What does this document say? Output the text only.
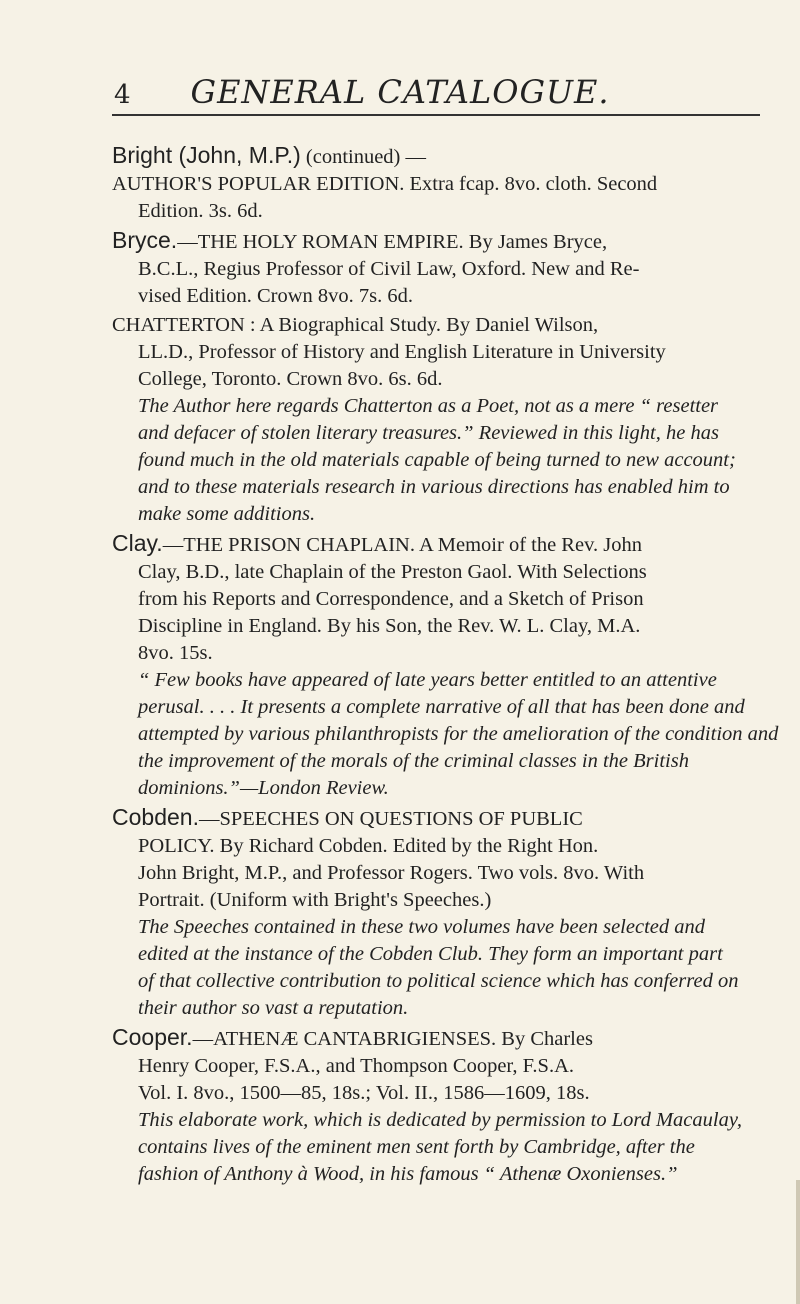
4	GENERAL CATALOGUE.
Bright (John, M.P.) (continued) —
AUTHOR'S POPULAR EDITION. Extra fcap. 8vo. cloth. Second
Edition. 3s. 6d.
Bryce.—THE HOLY ROMAN EMPIRE. By James Bryce,
B.C.L., Regius Professor of Civil Law, Oxford. New and Re-
vised Edition. Crown 8vo. 7s. 6d.
CHATTERTON : A Biographical Study. By Daniel Wilson,
LL.D., Professor of History and English Literature in University
College, Toronto. Crown 8vo. 6s. 6d.
The Author here regards Chatterton as a Poet, not as a mere “ resetter
and defacer of stolen literary treasures.” Reviewed in this light, he has
found much in the old materials capable of being turned to new account;
and to these materials research in various directions has enabled him to
make some additions.
Clay.—THE PRISON CHAPLAIN. A Memoir of the Rev. John
Clay, B.D., late Chaplain of the Preston Gaol. With Selections
from his Reports and Correspondence, and a Sketch of Prison
Discipline in England. By his Son, the Rev. W. L. Clay, M.A.
8vo. 15s.
“ Few books have appeared of late years better entitled to an attentive
perusal. . . . It presents a complete narrative of all that has been done and
attempted by various philanthropists for the amelioration of the condition and
the improvement of the morals of the criminal classes in the British
dominions.”—London Review.
Cobden.—SPEECHES ON QUESTIONS OF PUBLIC
POLICY. By Richard Cobden. Edited by the Right Hon.
John Bright, M.P., and Professor Rogers. Two vols. 8vo. With
Portrait. (Uniform with Bright's Speeches.)
The Speeches contained in these two volumes have been selected and
edited at the instance of the Cobden Club. They form an important part
of that collective contribution to political science which has conferred on
their author so vast a reputation.
Cooper.—ATHENÆ CANTABRIGIENSES. By Charles
Henry Cooper, F.S.A., and Thompson Cooper, F.S.A.
Vol. I. 8vo., 1500—85, 18s.; Vol. II., 1586—1609, 18s.
This elaborate work, which is dedicated by permission to Lord Macaulay,
contains lives of the eminent men sent forth by Cambridge, after the
fashion of Anthony à Wood, in his famous “ Athenæ Oxonienses.”
